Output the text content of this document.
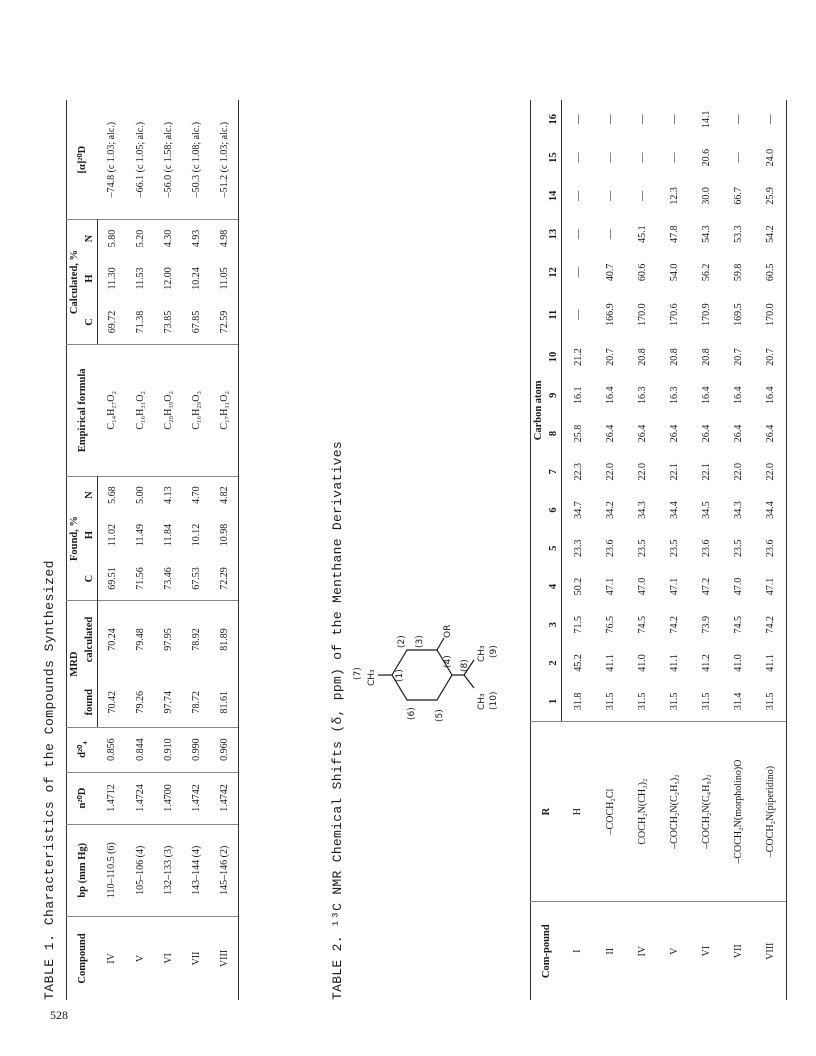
528
TABLE 1. Characteristics of the Compounds Synthesized Compound	bp (mm Hg)	n²⁰D	d²⁰₄	MRD		Found, %			Empirical formula	Calculated, %			[α]²⁰D
				found	calculated	C	H	N		C	H	N	
IV	110–110.5 (6)	1.4712	0.856	70.42	70.24	69.51	11.02	5.68	C₁₄H₂₇O₂	69.72	11.30	5.80	–74.8 (c 1.03; alc.)
V	105–106 (4)	1.4724	0.844	79.26	79.48	71.56	11.49	5.00	C₁₆H₃₁O₂	71.38	11.53	5.20	–66.1 (c 1.05; alc.)
VI	132–133 (3)	1.4700	0.910	97.74	97.95	73.46	11.84	4.13	C₂₀H₃₉O₂	73.85	12.00	4.30	–56.0 (c 1.58; alc.)
VII	143–144 (4)	1.4742	0.990	78.72	78.92	67.53	10.12	4.70	C₁₆H₂₉O₃	67.85	10.24	4.93	–50.3 (c 1.08; alc.)
VIII	145–146 (2)	1.4742	0.960	81.61	81.89	72.29	10.98	4.82	C₁₇H₃₁O₂	72.59	11.05	4.98	–51.2 (c 1.03; alc.)
TABLE 2. ¹³C NMR Chemical Shifts (δ, ppm) of the Menthane Derivatives (7) CH₃ (1)
(2) (3)
OR
(4)
(5)
(6)
(8)
CH₃
CH₃
(10)
(9)
Com-pound	R	Carbon atom															
		1	2	3	4	5	6	7	8	9	10	11	12	13	14	15	16
I	H	31.8	45.2	71.5	50.2	23.3	34.7	22.3	25.8	16.1	21.2	—	—	—	—	—	—
II	–COCH₂Cl	31.5	41.1	76.5	47.1	23.6	34.2	22.0	26.4	16.4	20.7	166.9	40.7	—	—	—	—
IV	COCH₂N(CH₃)₂	31.5	41.0	74.5	47.0	23.5	34.3	22.0	26.4	16.3	20.8	170.0	60.6	45.1	—	—	—
V	–COCH₂N(C₂H₅)₂	31.5	41.1	74.2	47.1	23.5	34.4	22.1	26.4	16.3	20.8	170.6	54.0	47.8	12.3	—	—
VI	–COCH₂N(C₄H₉)₂	31.5	41.2	73.9	47.2	23.6	34.5	22.1	26.4	16.4	20.8	170.9	56.2	54.3	30.0	20.6	14.1
VII	–COCH₂N(morpholino)O	31.4	41.0	74.5	47.0	23.5	34.3	22.0	26.4	16.4	20.7	169.5	59.8	53.3	66.7	—	—
VIII	–COCH₂N(piperidino)	31.5	41.1	74.2	47.1	23.6	34.4	22.0	26.4	16.4	20.7	170.0	60.5	54.2	25.9	24.0	—
